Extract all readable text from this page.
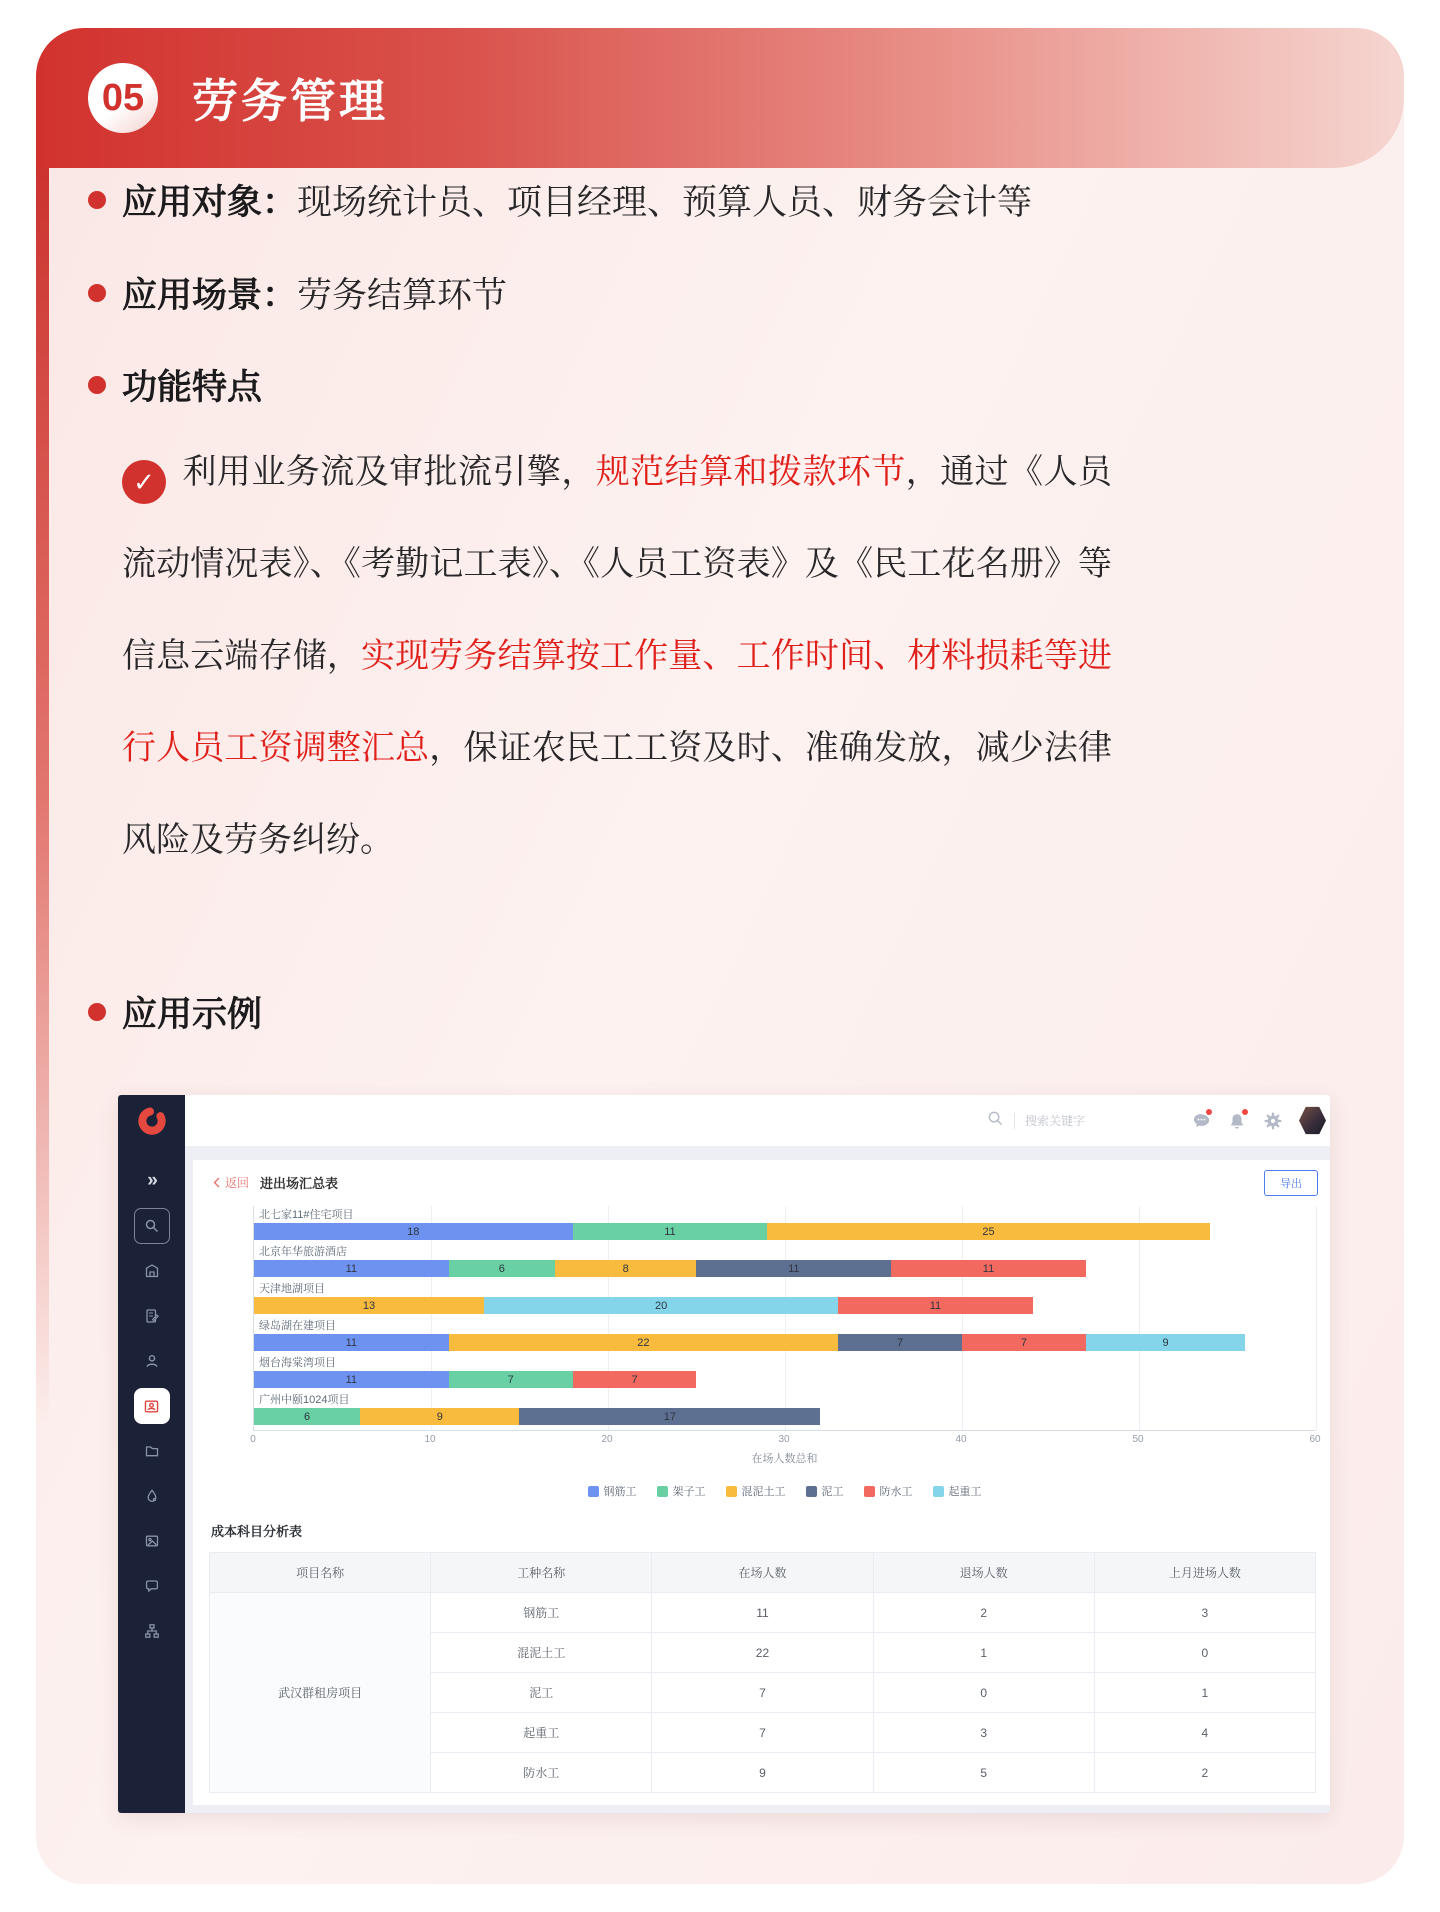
05	劳务管理
应用对象： 现场统计员、项目经理、预算人员、财务会计等
应用场景： 劳务结算环节
功能特点
✓ 利用业务流及审批流引擎，规范结算和拨款环节，通过《人员流动情况表》、《考勤记工表》、《人员工资表》及《民工花名册》等信息云端存储，实现劳务结算按工作量、工作时间、材料损耗等进行人员工资调整汇总，保证农民工工资及时、准确发放，减少法律风险及劳务纠纷。
应用示例
»
搜索关键字
返回 进出场汇总表	导出
北七家11#住宅项目
18	11	25
北京年华旅游酒店
11	6	8	11	11
天津地湖项目
13	20	11
绿岛湖在建项目
11	22	7	7	9
烟台海棠湾项目
11	7	7
广州中颐1024项目
6	9	17
0	10	20	30	40	50	60
在场人数总和
钢筋工	架子工	混泥土工	泥工	防水工	起重工
成本科目分析表
项目名称	工种名称	在场人数	退场人数	上月进场人数
武汉群租房项目	钢筋工	11	2	3
	混泥土工	22	1	0
	泥工	7	0	1
	起重工	7	3	4
	防水工	9	5	2
